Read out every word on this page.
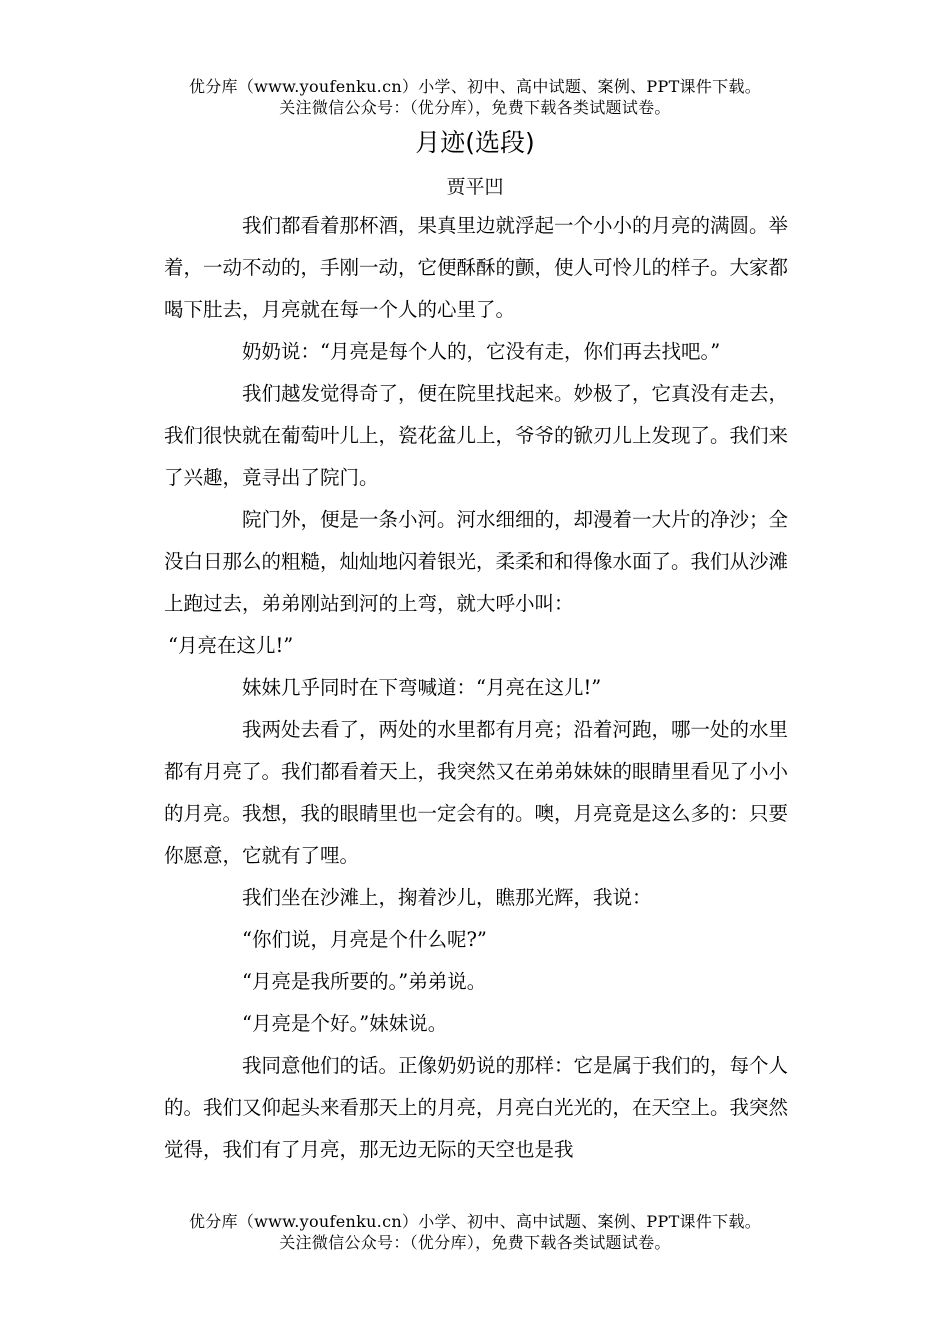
优分库（www.youfenku.cn）小学、初中、高中试题、案例、PPT课件下载。
关注微信公众号：（优分库），免费下载各类试题试卷。
月迹(选段)
贾平凹

我们都看着那杯酒，果真里边就浮起一个小小的月亮的满圆。举着，一动不动的，手刚一动，它便酥酥的颤，使人可怜儿的样子。大家都喝下肚去，月亮就在每一个人的心里了。

奶奶说：“月亮是每个人的，它没有走，你们再去找吧。”

我们越发觉得奇了，便在院里找起来。妙极了，它真没有走去，我们很快就在葡萄叶儿上，瓷花盆儿上，爷爷的锨刃儿上发现了。我们来了兴趣，竟寻出了院门。

院门外，便是一条小河。河水细细的，却漫着一大片的净沙；全没白日那么的粗糙，灿灿地闪着银光，柔柔和和得像水面了。我们从沙滩上跑过去，弟弟刚站到河的上弯，就大呼小叫：

“月亮在这儿!”

妹妹几乎同时在下弯喊道：“月亮在这儿!”

我两处去看了，两处的水里都有月亮；沿着河跑，哪一处的水里都有月亮了。我们都看着天上，我突然又在弟弟妹妹的眼睛里看见了小小的月亮。我想，我的眼睛里也一定会有的。噢，月亮竟是这么多的：只要你愿意，它就有了哩。

我们坐在沙滩上，掬着沙儿，瞧那光辉，我说：

“你们说，月亮是个什么呢?”

“月亮是我所要的。”弟弟说。

“月亮是个好。”妹妹说。

我同意他们的话。正像奶奶说的那样：它是属于我们的，每个人的。我们又仰起头来看那天上的月亮，月亮白光光的，在天空上。我突然觉得，我们有了月亮，那无边无际的天空也是我

优分库（www.youfenku.cn）小学、初中、高中试题、案例、PPT课件下载。
关注微信公众号：（优分库），免费下载各类试题试卷。
